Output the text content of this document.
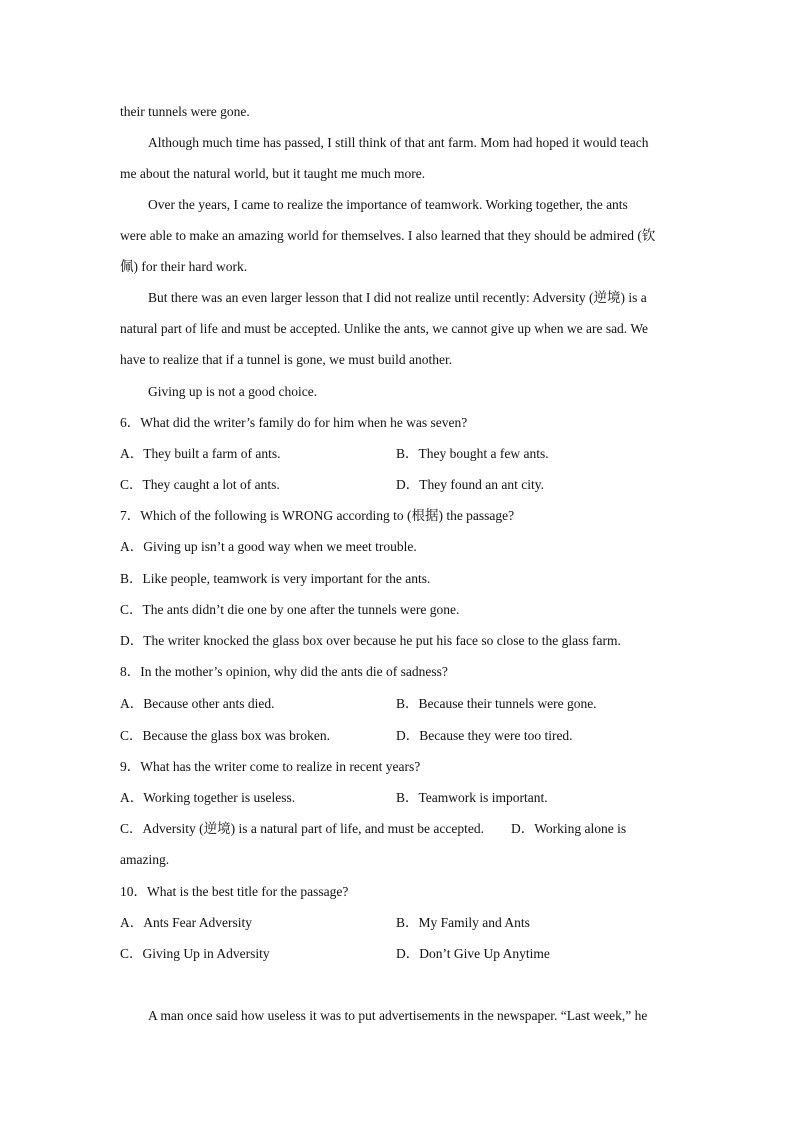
their tunnels were gone.
Although much time has passed, I still think of that ant farm. Mom had hoped it would teach
me about the natural world, but it taught me much more.
Over the years, I came to realize the importance of teamwork. Working together, the ants
were able to make an amazing world for themselves. I also learned that they should be admired (钦
佩) for their hard work.
But there was an even larger lesson that I did not realize until recently: Adversity (逆境) is a
natural part of life and must be accepted. Unlike the ants, we cannot give up when we are sad. We
have to realize that if a tunnel is gone, we must build another.
Giving up is not a good choice.
6．What did the writer’s family do for him when he was seven?
A．They built a farm of ants.	B．They bought a few ants.
C．They caught a lot of ants.	D．They found an ant city.
7．Which of the following is WRONG according to (根据) the passage?
A．Giving up isn’t a good way when we meet trouble.
B．Like people, teamwork is very important for the ants.
C．The ants didn’t die one by one after the tunnels were gone.
D．The writer knocked the glass box over because he put his face so close to the glass farm.
8．In the mother’s opinion, why did the ants die of sadness?
A．Because other ants died.	B．Because their tunnels were gone.
C．Because the glass box was broken.	D．Because they were too tired.
9．What has the writer come to realize in recent years?
A．Working together is useless.	B．Teamwork is important.
C．Adversity (逆境) is a natural part of life, and must be accepted. D．Working alone is
amazing.
10．What is the best title for the passage?
A．Ants Fear Adversity	B．My Family and Ants
C．Giving Up in Adversity	D．Don’t Give Up Anytime
A man once said how useless it was to put advertisements in the newspaper. “Last week,” he
